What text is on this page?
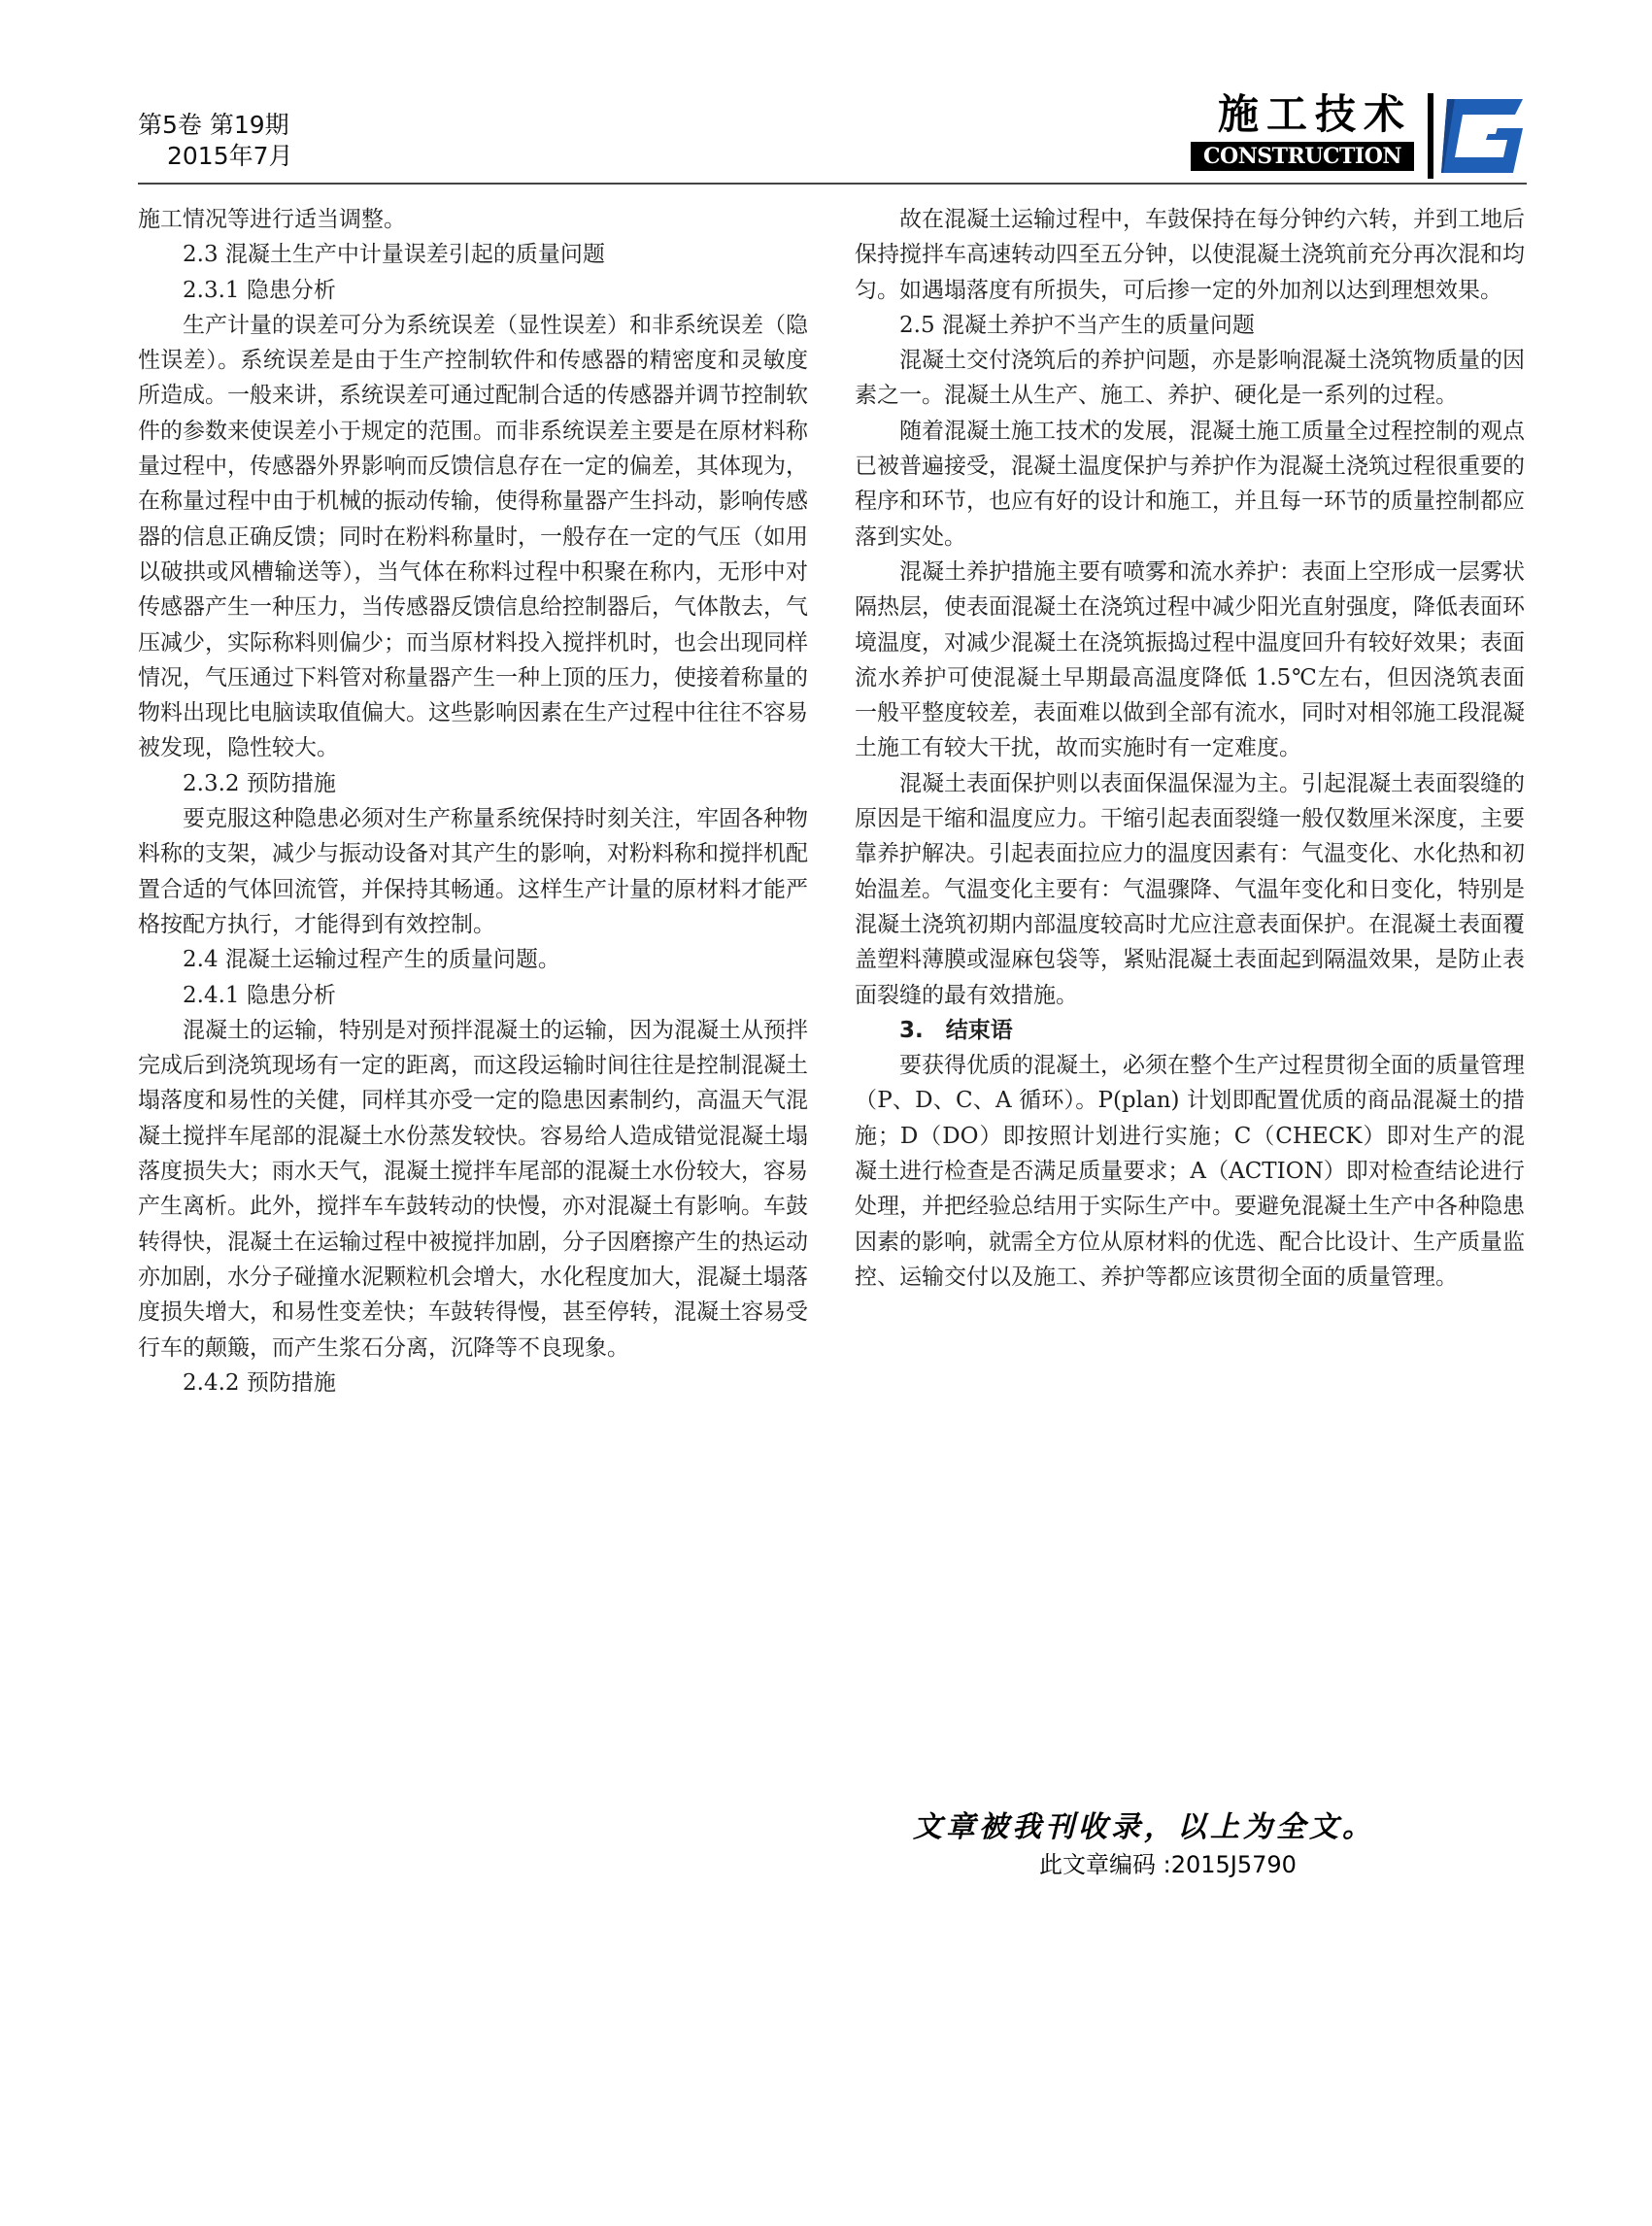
第5卷 第19期
2015年7月
施工技术
CONSTRUCTION

施工情况等进行适当调整。

2.3 混凝土生产中计量误差引起的质量问题

2.3.1 隐患分析

生产计量的误差可分为系统误差（显性误差）和非系统误差（隐性误差）。系统误差是由于生产控制软件和传感器的精密度和灵敏度所造成。一般来讲，系统误差可通过配制合适的传感器并调节控制软件的参数来使误差小于规定的范围。而非系统误差主要是在原材料称量过程中，传感器外界影响而反馈信息存在一定的偏差，其体现为，在称量过程中由于机械的振动传输，使得称量器产生抖动，影响传感器的信息正确反馈；同时在粉料称量时，一般存在一定的气压（如用以破拱或风槽输送等），当气体在称料过程中积聚在称内，无形中对传感器产生一种压力，当传感器反馈信息给控制器后，气体散去，气压减少，实际称料则偏少；而当原材料投入搅拌机时，也会出现同样情况，气压通过下料管对称量器产生一种上顶的压力，使接着称量的物料出现比电脑读取值偏大。这些影响因素在生产过程中往往不容易被发现，隐性较大。

2.3.2 预防措施

要克服这种隐患必须对生产称量系统保持时刻关注，牢固各种物料称的支架，减少与振动设备对其产生的影响，对粉料称和搅拌机配置合适的气体回流管，并保持其畅通。这样生产计量的原材料才能严格按配方执行，才能得到有效控制。

2.4 混凝土运输过程产生的质量问题。

2.4.1 隐患分析

混凝土的运输，特别是对预拌混凝土的运输，因为混凝土从预拌完成后到浇筑现场有一定的距离，而这段运输时间往往是控制混凝土塌落度和易性的关健，同样其亦受一定的隐患因素制约，高温天气混凝土搅拌车尾部的混凝土水份蒸发较快。容易给人造成错觉混凝土塌落度损失大；雨水天气，混凝土搅拌车尾部的混凝土水份较大，容易产生离析。此外，搅拌车车鼓转动的快慢，亦对混凝土有影响。车鼓转得快，混凝土在运输过程中被搅拌加剧，分子因磨擦产生的热运动亦加剧，水分子碰撞水泥颗粒机会增大，水化程度加大，混凝土塌落度损失增大，和易性变差快；车鼓转得慢，甚至停转，混凝土容易受行车的颠簸，而产生浆石分离，沉降等不良现象。

2.4.2 预防措施

故在混凝土运输过程中，车鼓保持在每分钟约六转，并到工地后保持搅拌车高速转动四至五分钟，以使混凝土浇筑前充分再次混和均匀。如遇塌落度有所损失，可后掺一定的外加剂以达到理想效果。

2.5 混凝土养护不当产生的质量问题

混凝土交付浇筑后的养护问题，亦是影响混凝土浇筑物质量的因素之一。混凝土从生产、施工、养护、硬化是一系列的过程。

随着混凝土施工技术的发展，混凝土施工质量全过程控制的观点已被普遍接受，混凝土温度保护与养护作为混凝土浇筑过程很重要的程序和环节，也应有好的设计和施工，并且每一环节的质量控制都应落到实处。

混凝土养护措施主要有喷雾和流水养护：表面上空形成一层雾状隔热层，使表面混凝土在浇筑过程中减少阳光直射强度，降低表面环境温度，对减少混凝土在浇筑振捣过程中温度回升有较好效果；表面流水养护可使混凝土早期最高温度降低 1.5℃左右，但因浇筑表面一般平整度较差，表面难以做到全部有流水，同时对相邻施工段混凝土施工有较大干扰，故而实施时有一定难度。

混凝土表面保护则以表面保温保湿为主。引起混凝土表面裂缝的原因是干缩和温度应力。干缩引起表面裂缝一般仅数厘米深度，主要靠养护解决。引起表面拉应力的温度因素有：气温变化、水化热和初始温差。气温变化主要有：气温骤降、气温年变化和日变化，特别是混凝土浇筑初期内部温度较高时尤应注意表面保护。在混凝土表面覆盖塑料薄膜或湿麻包袋等，紧贴混凝土表面起到隔温效果，是防止表面裂缝的最有效措施。

3.　结束语

要获得优质的混凝土，必须在整个生产过程贯彻全面的质量管理（P、D、C、A 循环）。P(plan) 计划即配置优质的商品混凝土的措施；D（DO）即按照计划进行实施；C（CHECK）即对生产的混凝土进行检查是否满足质量要求；A（ACTION）即对检查结论进行处理，并把经验总结用于实际生产中。要避免混凝土生产中各种隐患因素的影响，就需全方位从原材料的优选、配合比设计、生产质量监控、运输交付以及施工、养护等都应该贯彻全面的质量管理。

文章被我刊收录，以上为全文。

此文章编码 :2015J5790
